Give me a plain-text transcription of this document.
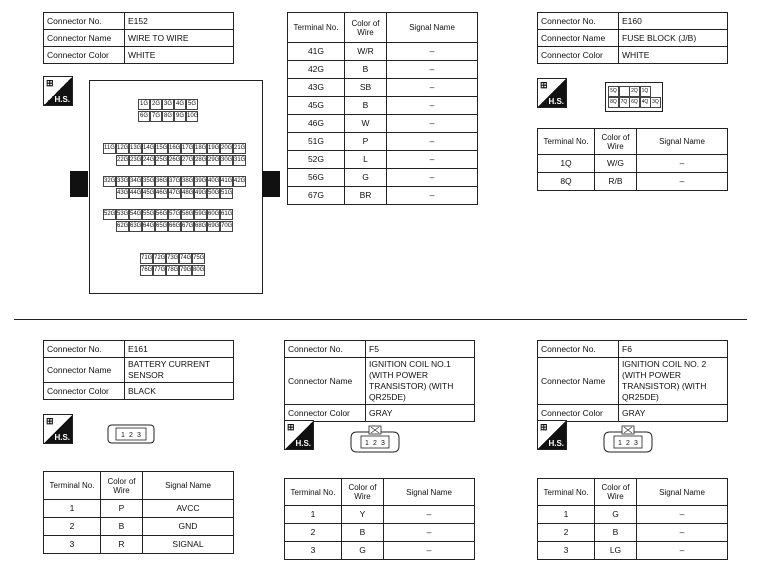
Connector No.	E152
Connector Name	WIRE TO WIRE
Connector Color	WHITE
⊞
H.S.	1G 2G 3G 4G 5G
6G 7G 8G 9G 10G
11G 12G 13G 14G 15G 16G 17G 18G 19G 20G 21G
22G 23G 24G 25G 26G 27G 28G 29G 30G 31G
32G 33G 34G 35G 36G 37G 38G 39G 40G 41G 42G
43G 44G 45G 46G 47G 48G 49G 50G 51G
52G 53G 54G 55G 56G 57G 58G 59G 60G 61G
62G 63G 64G 65G 66G 67G 68G 69G 70G
71G 72G 73G 74G 75G
76G 77G 78G 79G 80G
Terminal No.	Color of Wire	Signal Name
41G	W/R	–
42G	B	–
43G	SB	–
45G	B	–
46G	W	–
51G	P	–
52G	L	–
56G	G	–
67G	BR	–
Connector No.	E160
Connector Name	FUSE BLOCK (J/B)
Connector Color	WHITE
⊞
H.S.
5Q	2Q 1Q
8Q 7Q 6Q 4Q 3Q
Terminal No.	Color of Wire	Signal Name
1Q	W/G	–
8Q	R/B	–
Connector No.	E161
Connector Name	BATTERY CURRENT SENSOR
Connector Color	BLACK
⊞
H.S.	1 2 3
Terminal No.	Color of Wire	Signal Name
1	P	AVCC
2	B	GND
3	R	SIGNAL
Connector No.	F5
Connector Name	IGNITION COIL NO.1 (WITH POWER TRANSISTOR) (WITH QR25DE)
Connector Color	GRAY
⊞
H.S.	1 2 3
Terminal No.	Color of Wire	Signal Name
1	Y	–
2	B	–
3	G	–
Connector No.	F6
Connector Name	IGNITION COIL NO. 2 (WITH POWER TRANSISTOR) (WITH QR25DE)
Connector Color	GRAY
⊞
H.S.	1 2 3
Terminal No.	Color of Wire	Signal Name
1	G	–
2	B	–
3	LG	–
